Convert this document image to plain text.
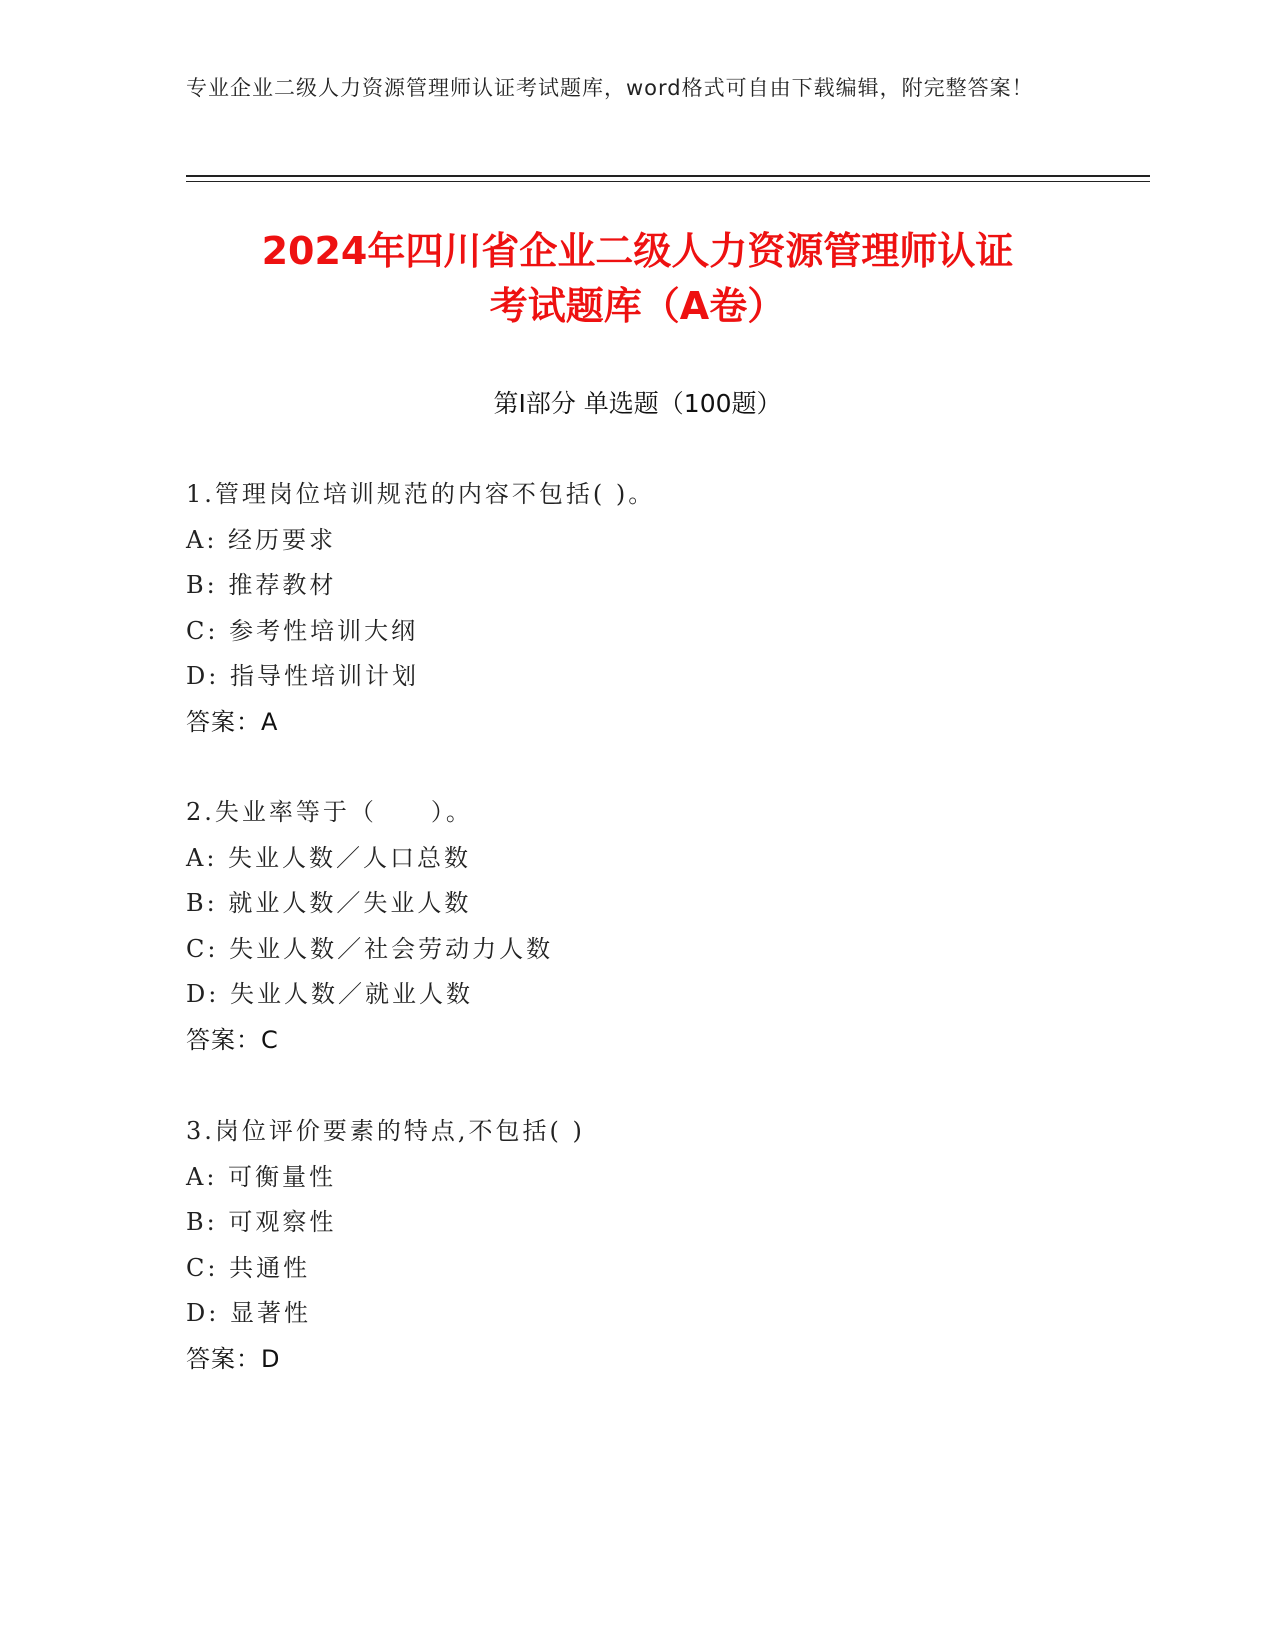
专业企业二级人力资源管理师认证考试题库，word格式可自由下载编辑，附完整答案！
2024年四川省企业二级人力资源管理师认证
考试题库（A卷）
第I部分 单选题（100题）
1.管理岗位培训规范的内容不包括( )。
A: 经历要求
B: 推荐教材
C: 参考性培训大纲
D: 指导性培训计划
答案：A
2.失业率等于（　　）。
A: 失业人数／人口总数
B: 就业人数／失业人数
C: 失业人数／社会劳动力人数
D: 失业人数／就业人数
答案：C
3.岗位评价要素的特点,不包括( )
A: 可衡量性
B: 可观察性
C: 共通性
D: 显著性
答案：D
